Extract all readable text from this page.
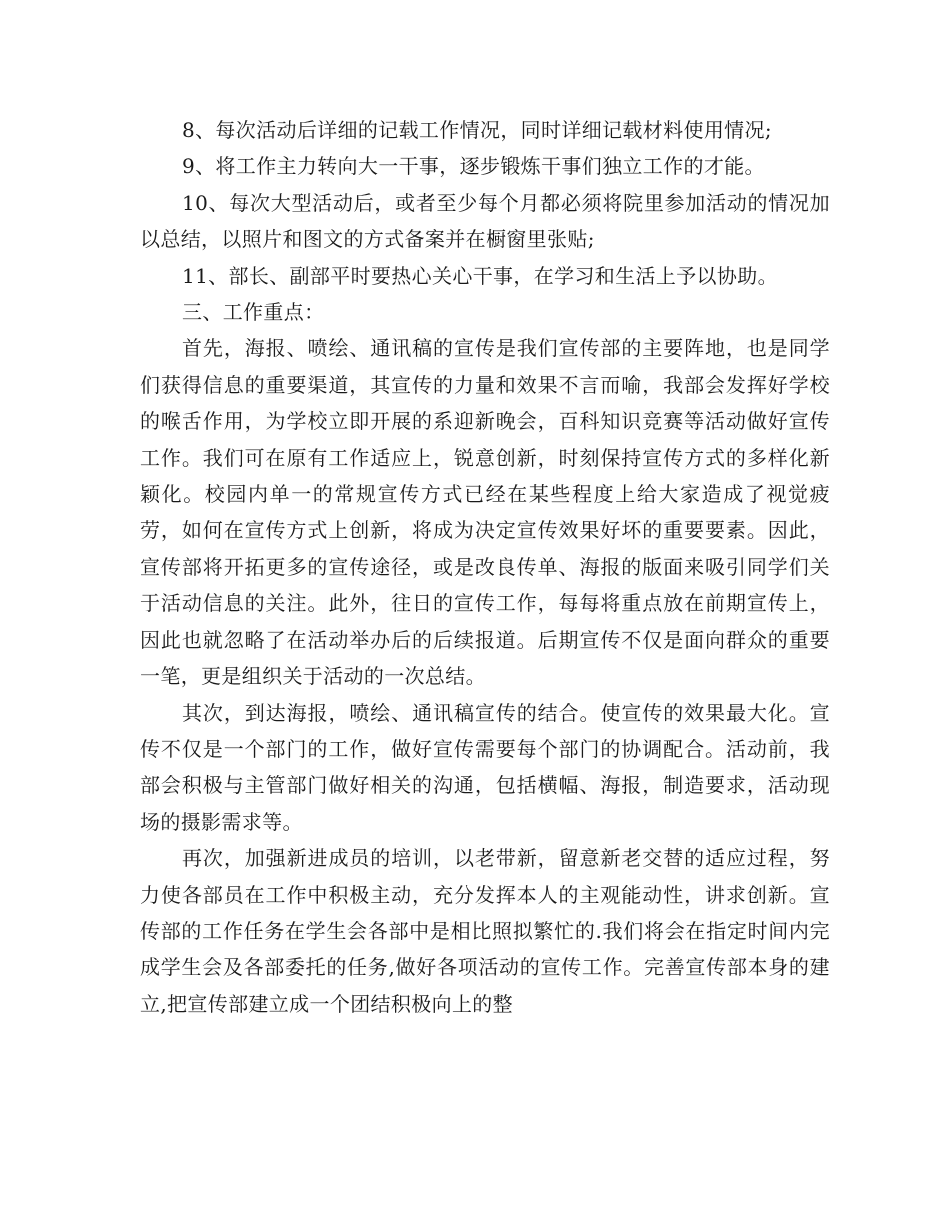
8、每次活动后详细的记载工作情况，同时详细记载材料使用情况;

9、将工作主力转向大一干事，逐步锻炼干事们独立工作的才能。

10、每次大型活动后，或者至少每个月都必须将院里参加活动的情况加以总结，以照片和图文的方式备案并在橱窗里张贴;

11、部长、副部平时要热心关心干事，在学习和生活上予以协助。

三、工作重点：

首先，海报、喷绘、通讯稿的宣传是我们宣传部的主要阵地，也是同学们获得信息的重要渠道，其宣传的力量和效果不言而喻，我部会发挥好学校的喉舌作用，为学校立即开展的系迎新晚会，百科知识竞赛等活动做好宣传工作。我们可在原有工作适应上，锐意创新，时刻保持宣传方式的多样化新颖化。校园内单一的常规宣传方式已经在某些程度上给大家造成了视觉疲劳，如何在宣传方式上创新，将成为决定宣传效果好坏的重要要素。因此，宣传部将开拓更多的宣传途径，或是改良传单、海报的版面来吸引同学们关于活动信息的关注。此外，往日的宣传工作，每每将重点放在前期宣传上，因此也就忽略了在活动举办后的后续报道。后期宣传不仅是面向群众的重要一笔，更是组织关于活动的一次总结。

其次，到达海报，喷绘、通讯稿宣传的结合。使宣传的效果最大化。宣传不仅是一个部门的工作，做好宣传需要每个部门的协调配合。活动前，我部会积极与主管部门做好相关的沟通，包括横幅、海报，制造要求，活动现场的摄影需求等。

再次，加强新进成员的培训，以老带新，留意新老交替的适应过程，努力使各部员在工作中积极主动，充分发挥本人的主观能动性，讲求创新。宣传部的工作任务在学生会各部中是相比照拟繁忙的.我们将会在指定时间内完成学生会及各部委托的任务,做好各项活动的宣传工作。完善宣传部本身的建立,把宣传部建立成一个团结积极向上的整
